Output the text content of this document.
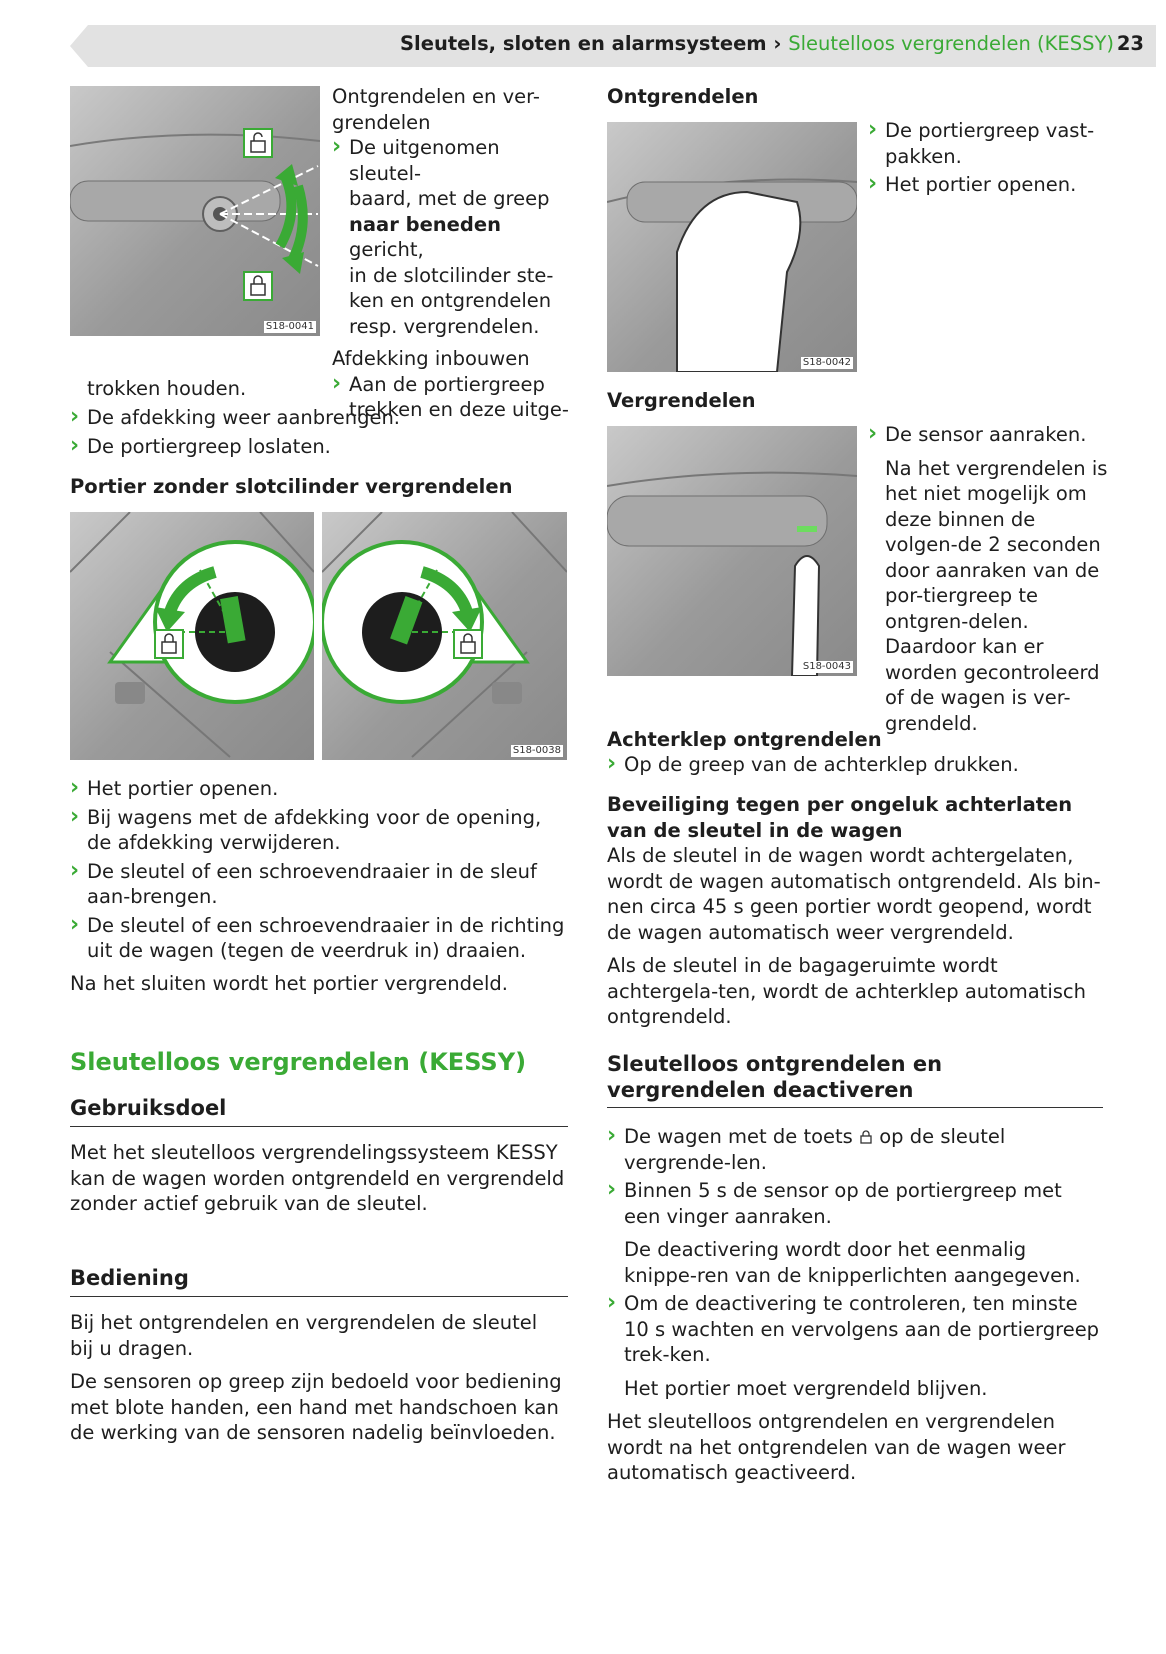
Sleutels, sloten en alarmsysteem › Sleutelloos vergrendelen (KESSY) 23
S18-0041

Ontgrendelen en ver-

grendelen

› De uitgenomen sleutel-
baard, met de greep
naar beneden gericht,
in de slotcilinder ste-
ken en ontgrendelen
resp. vergrendelen.

Afdekking inbouwen

› Aan de portiergreep
trekken en deze uitge-
trokken houden.
› De afdekking weer aanbrengen.
› De portiergreep loslaten.
Portier zonder slotcilinder vergrendelen
S18-0038
› Het portier openen.
› Bij wagens met de afdekking voor de opening, de afdekking verwijderen.
› De sleutel of een schroevendraaier in de sleuf aan-brengen.
› De sleutel of een schroevendraaier in de richting uit de wagen (tegen de veerdruk in) draaien.

Na het sluiten wordt het portier vergrendeld.

Sleutelloos vergrendelen (KESSY)
Gebruiksdoel
Met het sleutelloos vergrendelingssysteem KESSY kan de wagen worden ontgrendeld en vergrendeld zonder actief gebruik van de sleutel.
Bediening

Bij het ontgrendelen en vergrendelen de sleutel bij u dragen.

De sensoren op greep zijn bedoeld voor bediening met blote handen, een hand met handschoen kan de werking van de sensoren nadelig beïnvloeden.

Ontgrendelen
S18-0042
› De portiergreep vast-pakken.
› Het portier openen.
Vergrendelen
S18-0043
› De sensor aanraken.

Na het vergrendelen is het niet mogelijk om deze binnen de volgen-de 2 seconden door aanraken van de por-tiergreep te ontgren-delen. Daardoor kan er worden gecontroleerd of de wagen is ver-grendeld.

Achterklep ontgrendelen
› Op de greep van de achterklep drukken.
Beveiliging tegen per ongeluk achterlaten van de sleutel in de wagen

Als de sleutel in de wagen wordt achtergelaten, wordt de wagen automatisch ontgrendeld. Als bin-nen circa 45 s geen portier wordt geopend, wordt de wagen automatisch weer vergrendeld.

Als de sleutel in de bagageruimte wordt achtergela-ten, wordt de achterklep automatisch ontgrendeld.

Sleutelloos ontgrendelen en vergrendelen deactiveren
› De wagen met de toets op de sleutel vergrende-len.
› Binnen 5 s de sensor op de portiergreep met een vinger aanraken.

De deactivering wordt door het eenmalig knippe-ren van de knipperlichten aangegeven.

› Om de deactivering te controleren, ten minste 10 s wachten en vervolgens aan de portiergreep trek-ken.

Het portier moet vergrendeld blijven.

Het sleutelloos ontgrendelen en vergrendelen wordt na het ontgrendelen van de wagen weer automatisch geactiveerd.
